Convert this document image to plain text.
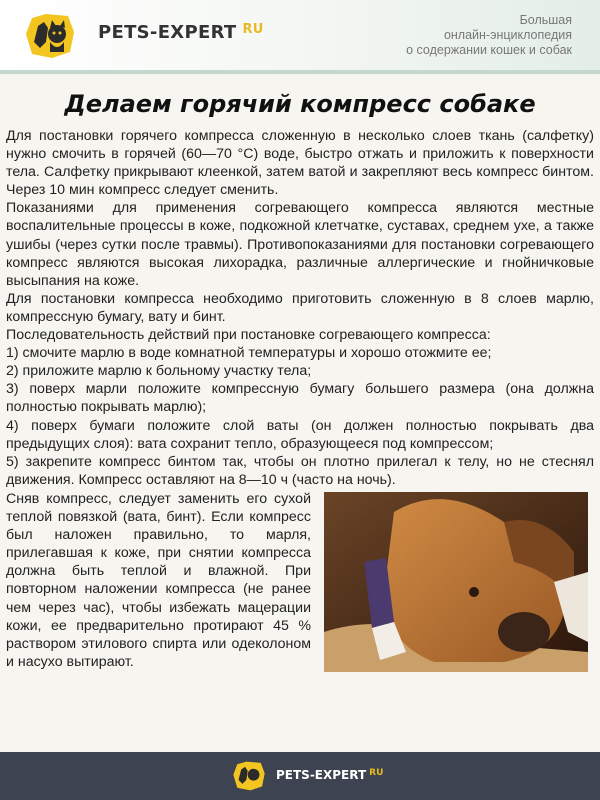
PETS-EXPERT $^{RU}$
Большая
онлайн-энциклопедия
о содержании кошек и собак
Делаем горячий компресс собаке

Для постановки горячего компресса сложенную в несколько слоев ткань (салфетку) нужно смочить в горячей (60—70 °С) воде, быстро отжать и приложить к поверхности тела. Салфетку прикрывают клеенкой, затем ватой и закрепляют весь компресс бинтом. Через 10 мин компресс следует сменить.

Показаниями для применения согревающего компресса являются местные воспалительные процессы в коже, подкожной клетчатке, суставах, среднем ухе, а также ушибы (через сутки после травмы). Противопоказаниями для постановки согревающего компресс являются высокая лихорадка, различные аллергические и гнойничковые высыпания на коже.

Для постановки компресса необходимо приготовить сложенную в 8 слоев марлю, компрессную бумагу, вату и бинт.

Последовательность действий при постановке согревающего компресса:

1) смочите марлю в воде комнатной температуры и хорошо отожмите ее;

2) приложите марлю к больному участку тела;

3) поверх марли положите компрессную бумагу большего размера (она должна полностью покрывать марлю);

4) поверх бумаги положите слой ваты (он должен полностью покрывать два предыдущих слоя): вата сохранит тепло, образующееся под компрессом;

5) закрепите компресс бинтом так, чтобы он плотно прилегал к телу, но не стеснял движения. Компресс оставляют на 8—10 ч (часто на ночь).

Сняв компресс, следует заменить его сухой теплой повязкой (вата, бинт). Если компресс был наложен правильно, то марля, прилегавшая к коже, при снятии компресса должна быть теплой и влажной. При повторном наложении компресса (не ранее чем через час), чтобы избежать мацерации кожи, ее предварительно протирают 45 % раствором этилового спирта или одеколоном и насухо вытирают.

PETS-EXPERT $^{RU}$
